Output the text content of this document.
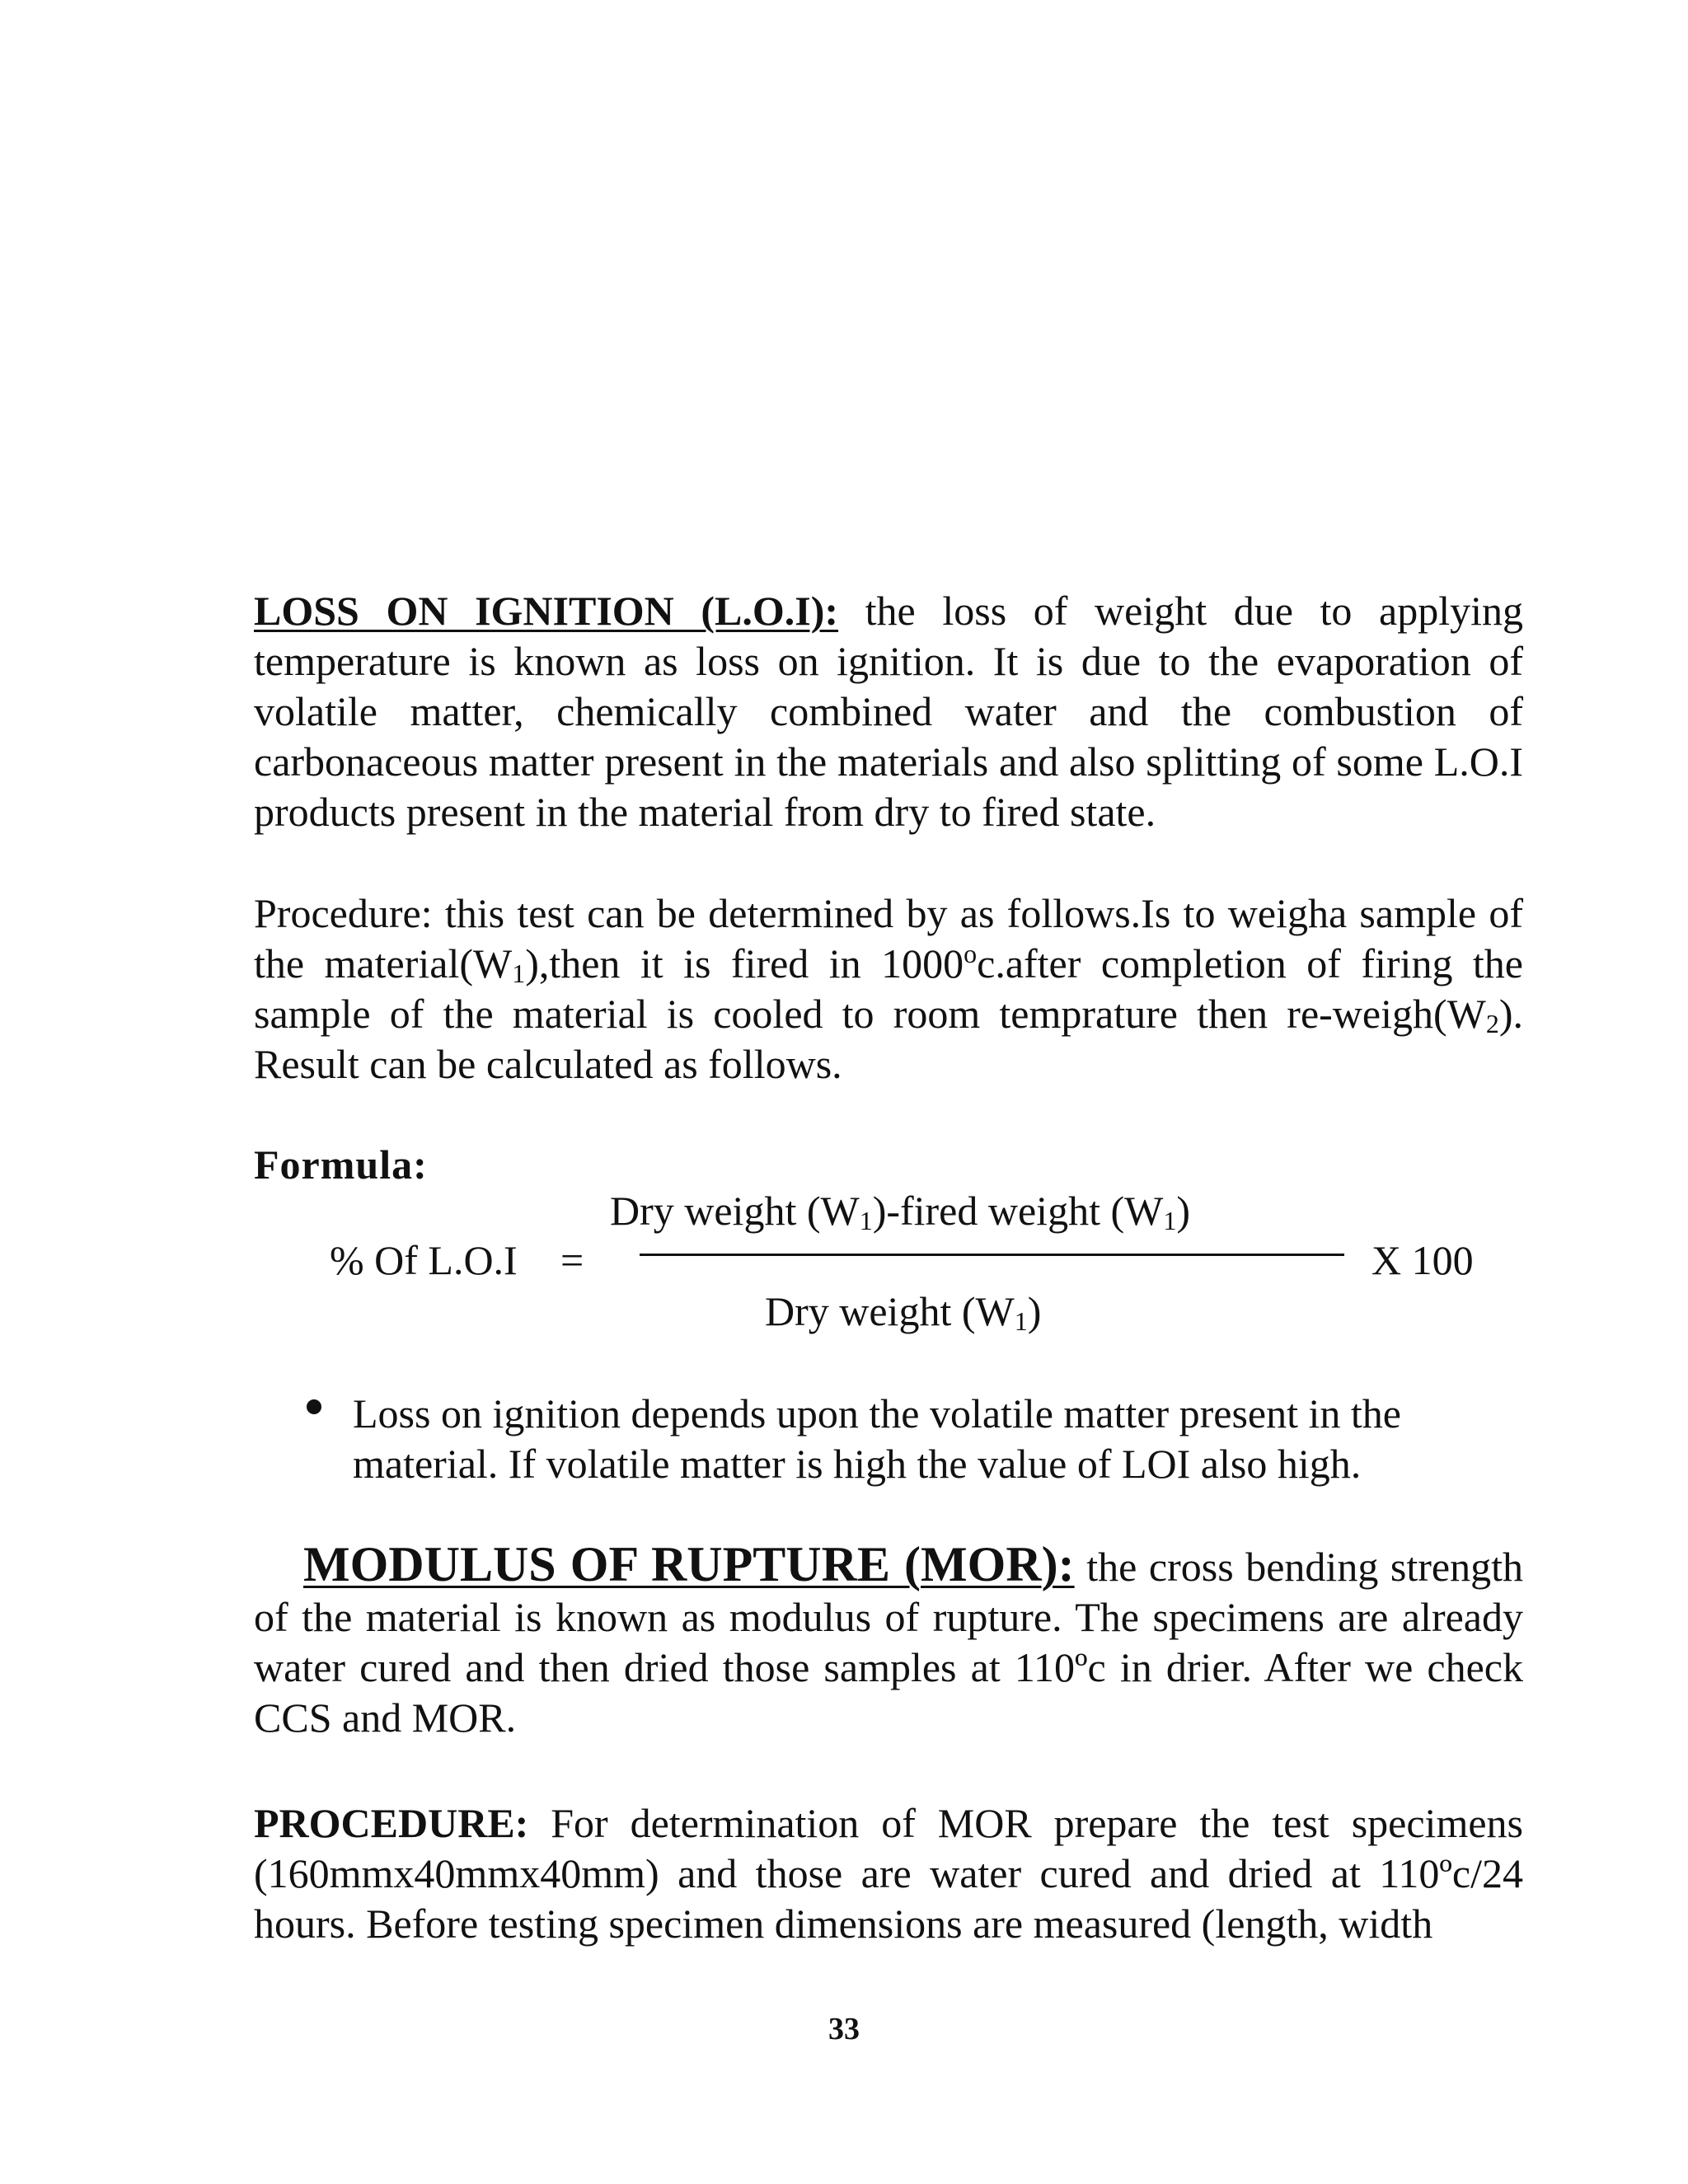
LOSS ON IGNITION (L.O.I): the loss of weight due to applying temperature is known as loss on ignition. It is due to the evaporation of volatile matter, chemically combined water and the combustion of carbonaceous matter present in the materials and also splitting of some L.O.I products present in the material from dry to fired state.
Procedure: this test can be determined by as follows.Is to weigha sample of the $material(W_1),then$ it is fired in 1000$^o$c.after completion of firing the sample of the material is cooled to room temprature then $re-weigh(W_2)$. Result can be calculated as follows.
Formula:
Dry weight $(W_1)$-fired weight $(W_1)$
% Of L.O.I =	X 100
Dry weight $(W_1)$
Loss on ignition depends upon the volatile matter present in the material. If volatile matter is high the value of LOI also high.
MODULUS OF RUPTURE (MOR): the cross bending strength of the material is known as modulus of rupture. The specimens are already water cured and then dried those samples at 110ºc in drier. After we check CCS and MOR.
PROCEDURE: For determination of MOR prepare the test specimens (160mmx40mmx40mm) and those are water cured and dried at 110ºc/24 hours. Before testing specimen dimensions are measured (length, width
33
